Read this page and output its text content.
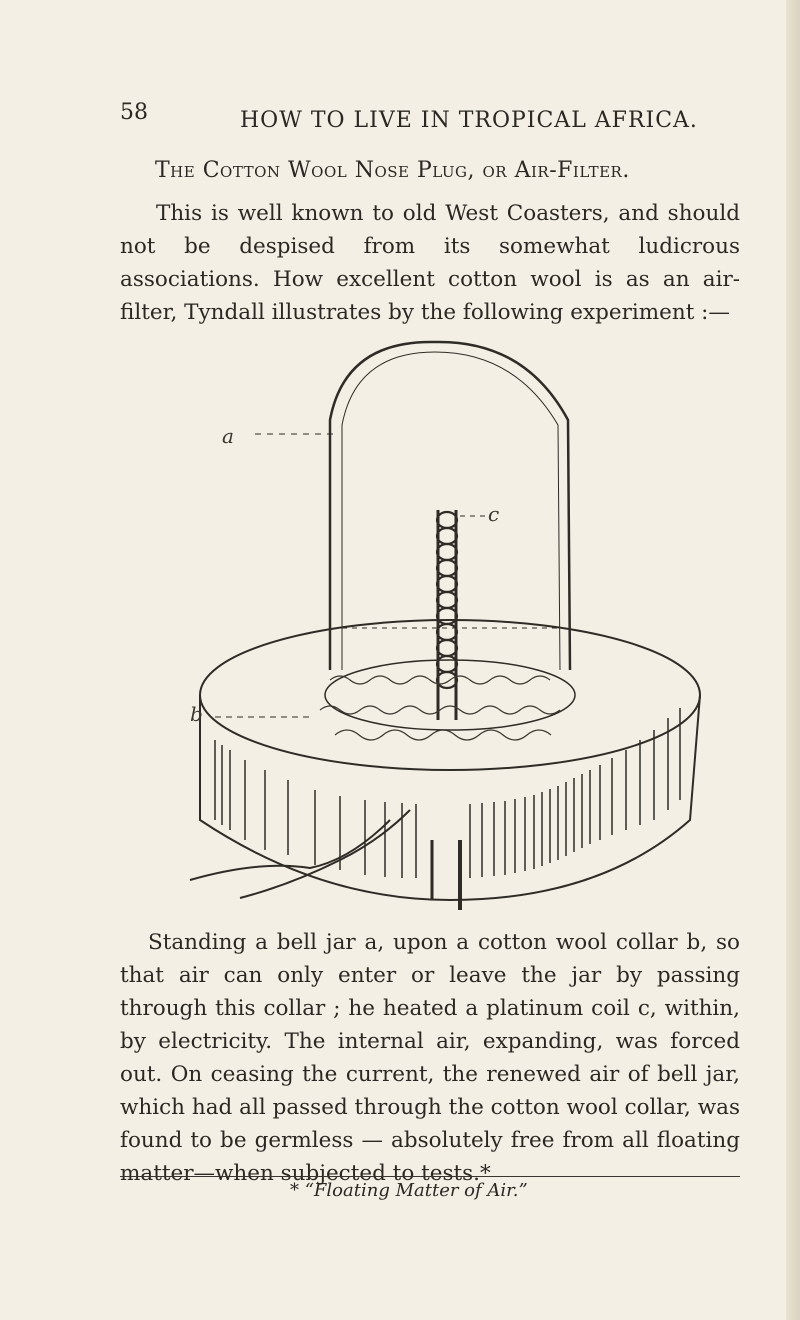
58	HOW TO LIVE IN TROPICAL AFRICA.
The Cotton Wool Nose Plug, or Air-Filter.

This is well known to old West Coasters, and should not be despised from its somewhat ludicrous associations. How excellent cotton wool is as an air-filter, Tyndall illustrates by the following experiment :—

a
b
c

Standing a bell jar a, upon a cotton wool collar b, so that air can only enter or leave the jar by passing through this collar ; he heated a platinum coil c, within, by electricity. The internal air, expanding, was forced out. On ceasing the current, the renewed air of bell jar, which had all passed through the cotton wool collar, was found to be germless — absolutely free from all floating matter—when subjected to tests.*

* “Floating Matter of Air.”
